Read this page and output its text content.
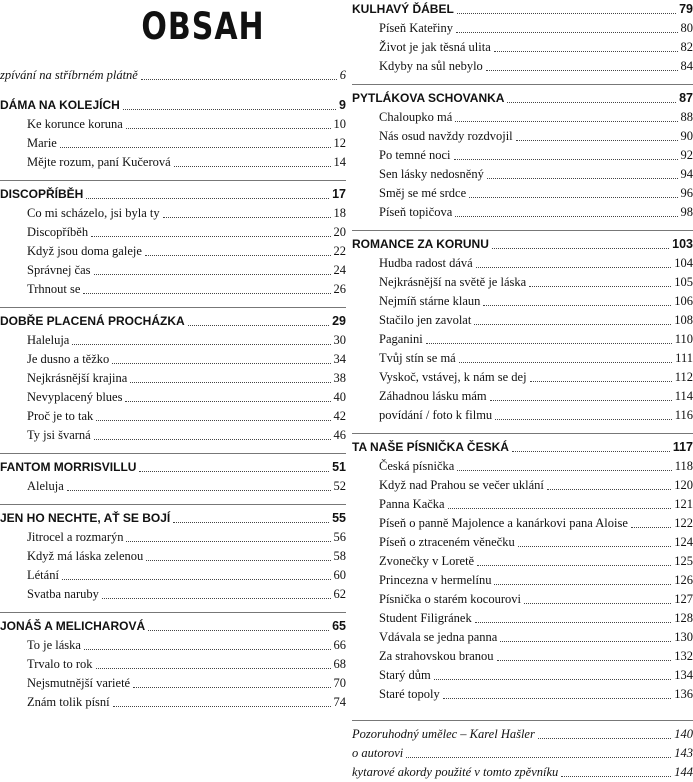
OBSAH
zpívání na stříbrném plátně	6
DÁMA NA KOLEJÍCH	9
Ke korunce koruna	10
Marie	12
Mějte rozum, paní Kučerová	14
DISCOPŘÍBĚH	17
Co mi scházelo, jsi byla ty	18
Discopříběh	20
Když jsou doma galeje	22
Správnej čas	24
Trhnout se	26
DOBŘE PLACENÁ PROCHÁZKA	29
Haleluja	30
Je dusno a těžko	34
Nejkrásnější krajina	38
Nevyplacený blues	40
Proč je to tak	42
Ty jsi švarná	46
FANTOM MORRISVILLU	51
Aleluja	52
JEN HO NECHTE, AŤ SE BOJÍ	55
Jitrocel a rozmarýn	56
Když má láska zelenou	58
Létání	60
Svatba naruby	62
JONÁŠ A MELICHAROVÁ	65
To je láska	66
Trvalo to rok	68
Nejsmutnější varieté	70
Znám tolik písní	74
KULHAVÝ ĎÁBEL	79
Píseň Kateřiny	80
Život je jak těsná ulita	82
Kdyby na sůl nebylo	84
PYTLÁKOVA SCHOVANKA	87
Chaloupko má	88
Nás osud navždy rozdvojil	90
Po temné noci	92
Sen lásky nedosněný	94
Směj se mé srdce	96
Píseň topičova	98
ROMANCE ZA KORUNU	103
Hudba radost dává	104
Nejkrásnější na světě je láska	105
Nejmíň stárne klaun	106
Stačilo jen zavolat	108
Paganini	110
Tvůj stín se má	111
Vyskoč, vstávej, k nám se dej	112
Záhadnou lásku mám	114
povídání / foto k filmu	116
TA NAŠE PÍSNIČKA ČESKÁ	117
Česká písnička	118
Když nad Prahou se večer uklání	120
Panna Kačka	121
Píseň o panně Majolence a kanárkovi pana Aloise	122
Píseň o ztraceném věnečku	124
Zvonečky v Loretě	125
Princezna v hermelínu	126
Písnička o starém kocourovi	127
Student Filigránek	128
Vdávala se jedna panna	130
Za strahovskou branou	132
Starý dům	134
Staré topoly	136
Pozoruhodný umělec – Karel Hašler	140
o autorovi	143
kytarové akordy použité v tomto zpěvníku	144
